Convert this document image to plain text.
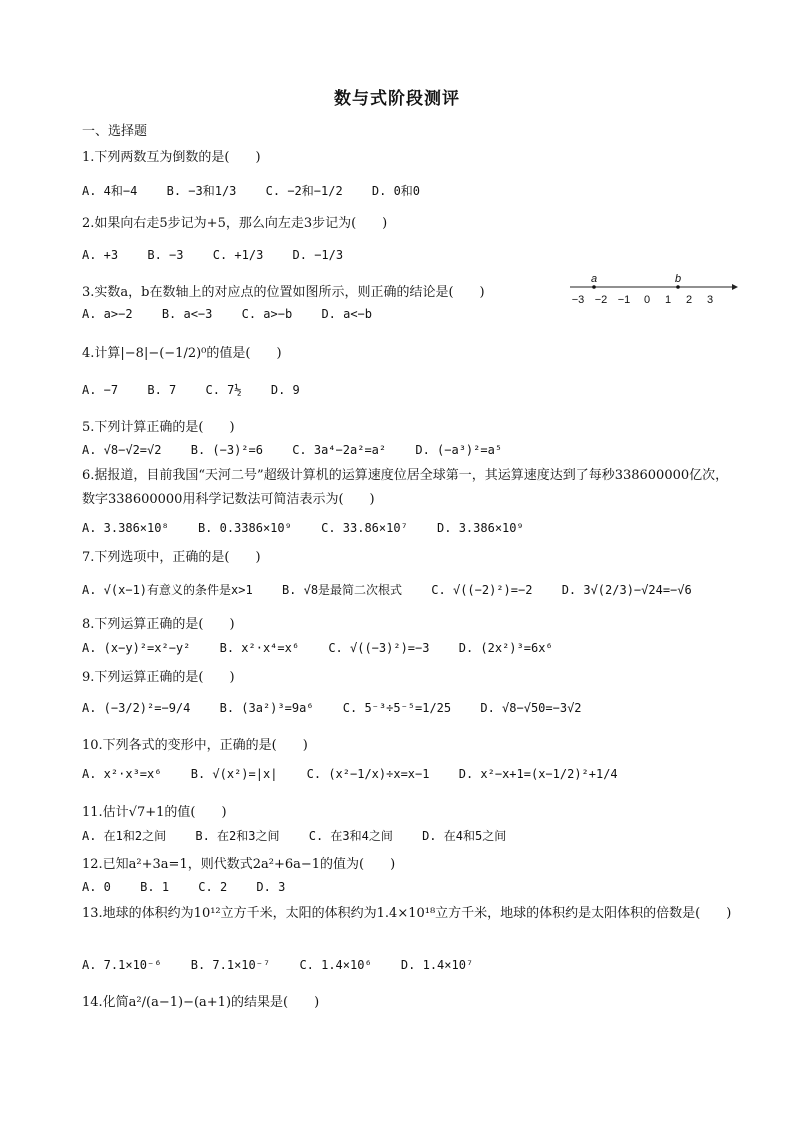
数与式阶段测评
一、选择题
1.下列两数互为倒数的是(　　)
A. 4和−4 B. −3和1/3 C. −2和−1/2 D. 0和0
2.如果向右走5步记为+5，那么向左走3步记为(　　)
A. +3 B. −3 C. +1/3 D. −1/3
3.实数a，b在数轴上的对应点的位置如图所示，则正确的结论是(　　)
A. a>−2 B. a<−3 C. a>−b D. a<−b
−3 −2 −1 0 1 2 3
a	b
4.计算|−8|−(−1/2)⁰的值是(　　)
A. −7 B. 7 C. 7½ D. 9
5.下列计算正确的是(　　)
A. √8−√2=√2 B. (−3)²=6 C. 3a⁴−2a²=a² D. (−a³)²=a⁵
6.据报道，目前我国“天河二号”超级计算机的运算速度位居全球第一，其运算速度达到了每秒338600000亿次，数字338600000用科学记数法可简洁表示为(　　)
A. 3.386×10⁸ B. 0.3386×10⁹ C. 33.86×10⁷ D. 3.386×10⁹
7.下列选项中，正确的是(　　)
A. √(x−1)有意义的条件是x>1 B. √8是最简二次根式 C. √((−2)²)=−2 D. 3√(2/3)−√24=−√6
8.下列运算正确的是(　　)
A. (x−y)²=x²−y² B. x²·x⁴=x⁶ C. √((−3)²)=−3 D. (2x²)³=6x⁶
9.下列运算正确的是(　　)
A. (−3/2)²=−9/4 B. (3a²)³=9a⁶ C. 5⁻³÷5⁻⁵=1/25 D. √8−√50=−3√2
10.下列各式的变形中，正确的是(　　)
A. x²·x³=x⁶ B. √(x²)=|x| C. (x²−1/x)÷x=x−1 D. x²−x+1=(x−1/2)²+1/4
11.估计√7+1的值(　　)
A. 在1和2之间 B. 在2和3之间 C. 在3和4之间 D. 在4和5之间
12.已知a²+3a=1，则代数式2a²+6a−1的值为(　　)
A. 0 B. 1 C. 2 D. 3
13.地球的体积约为10¹²立方千米，太阳的体积约为1.4×10¹⁸立方千米，地球的体积约是太阳体积的倍数是(　　)
A. 7.1×10⁻⁶ B. 7.1×10⁻⁷ C. 1.4×10⁶ D. 1.4×10⁷
14.化简a²/(a−1)−(a+1)的结果是(　　)
